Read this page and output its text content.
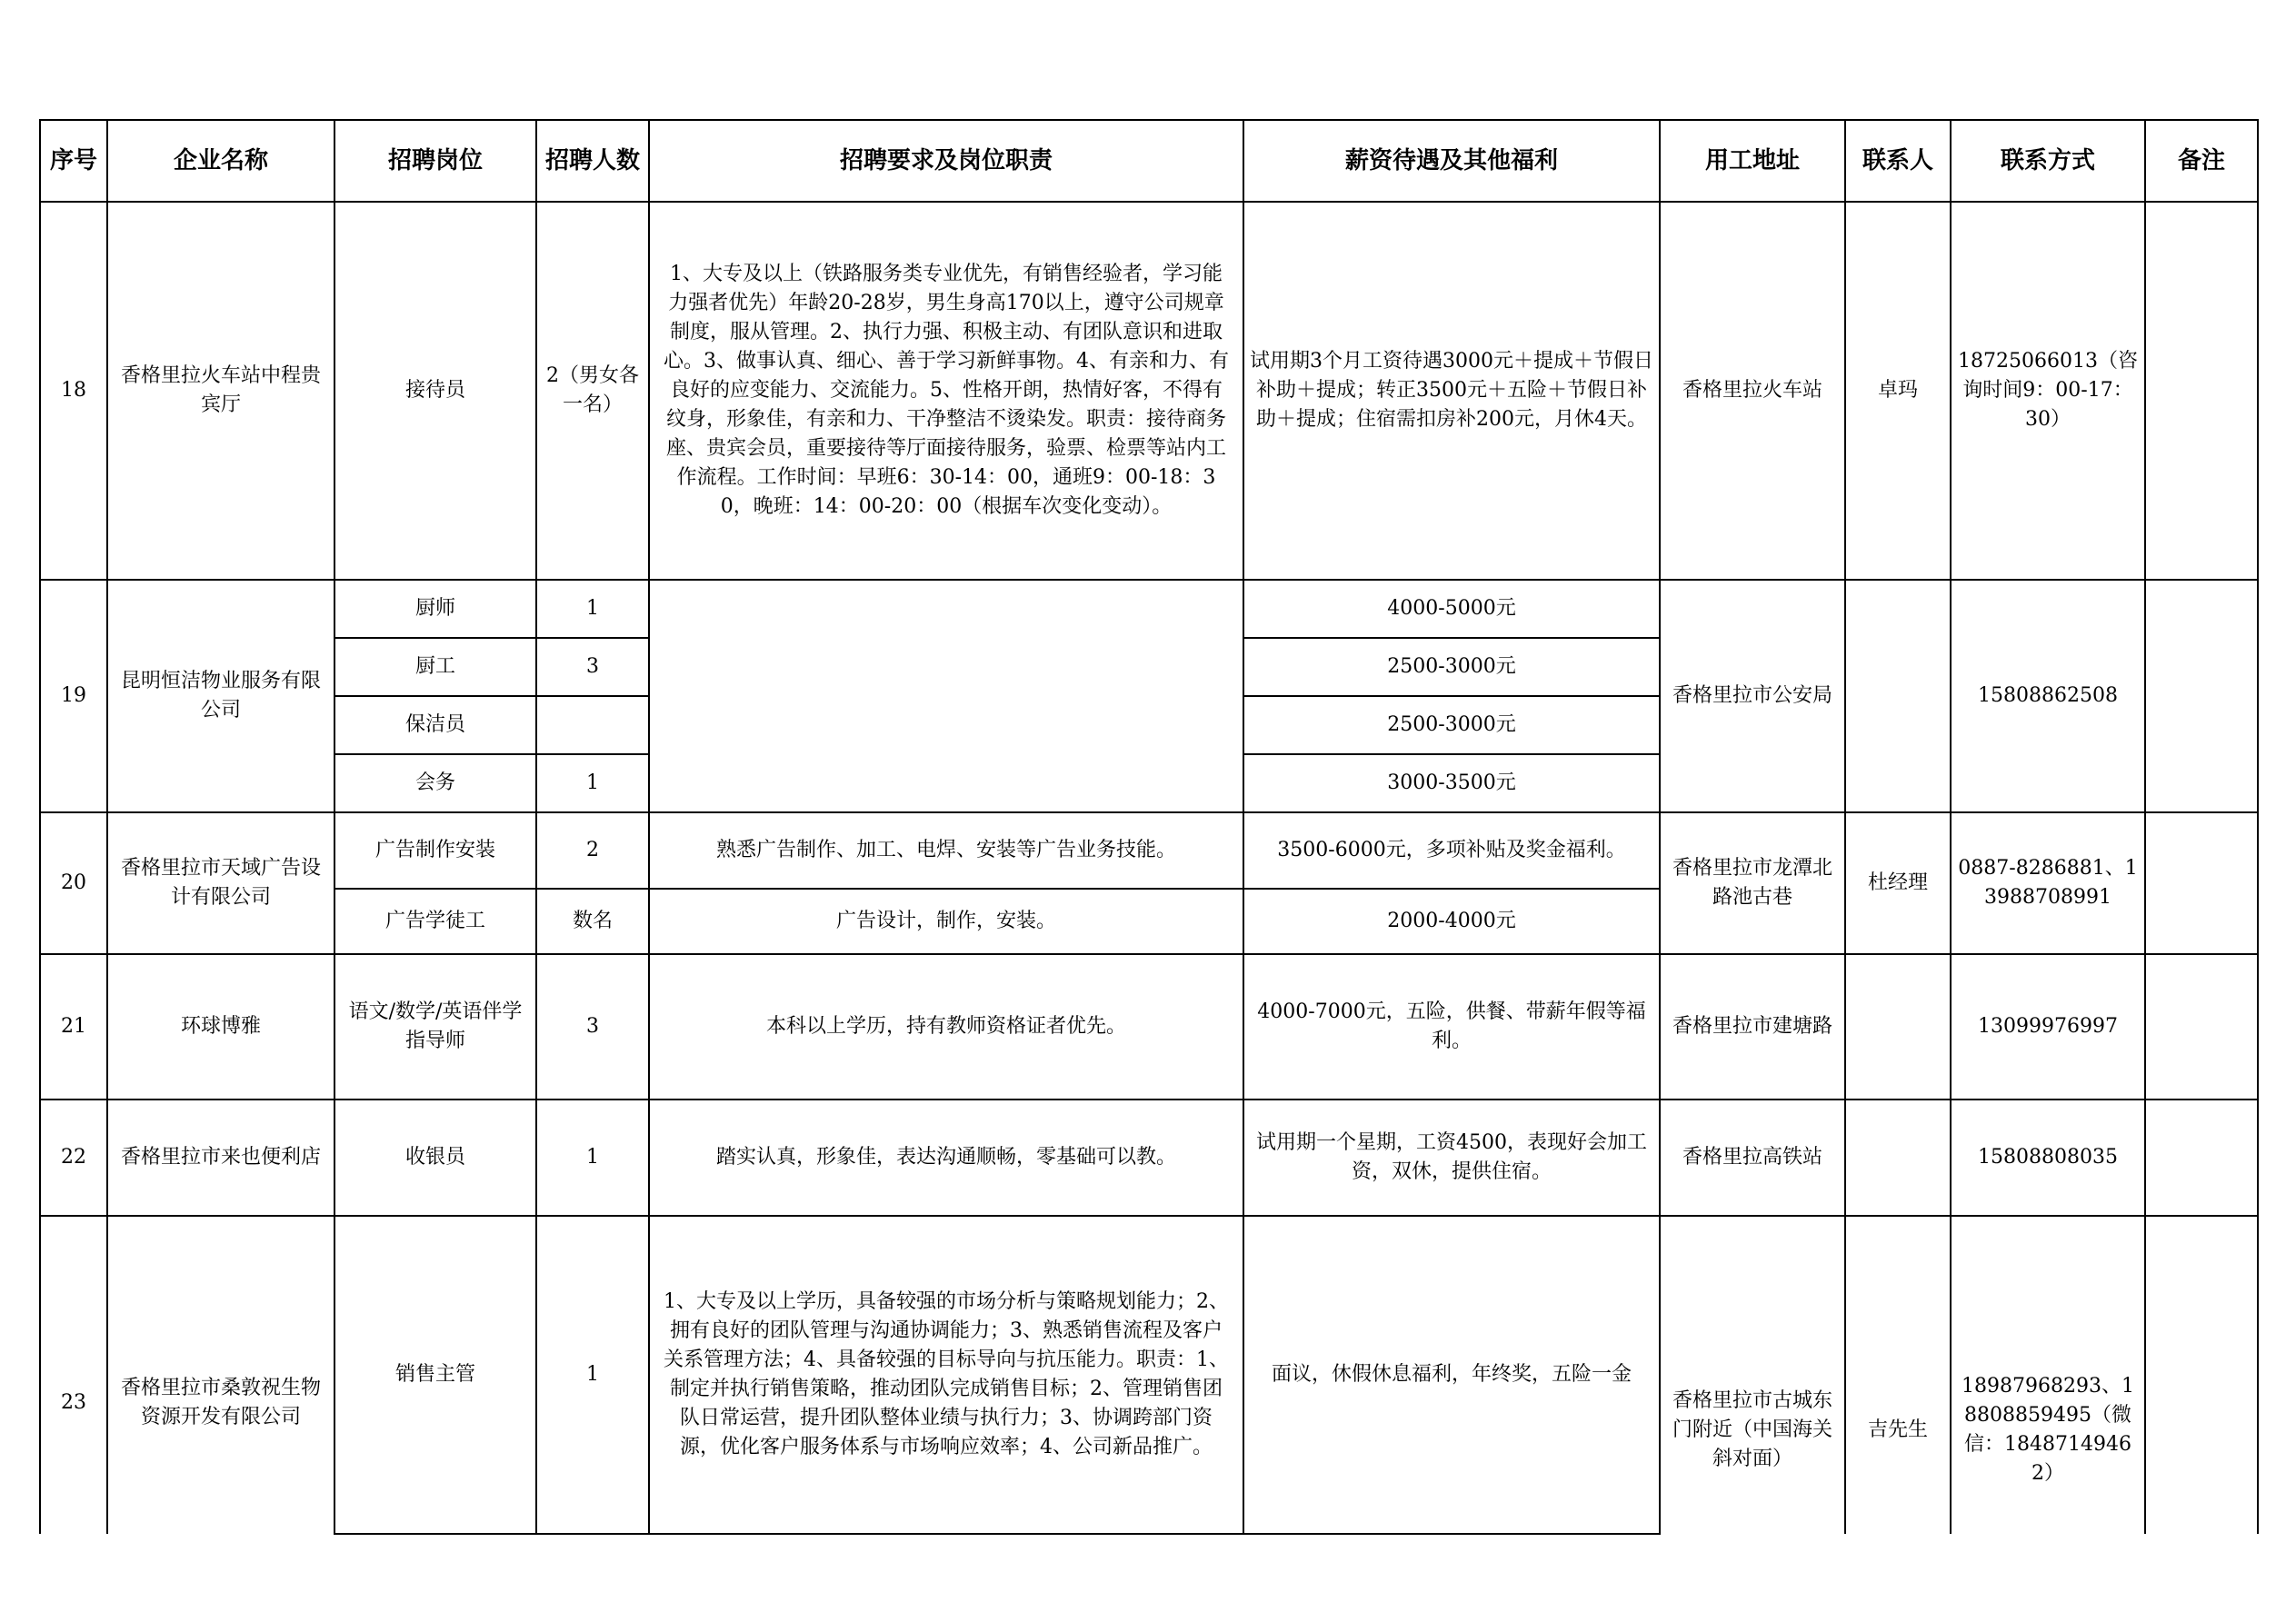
序号	企业名称	招聘岗位	招聘人数	招聘要求及岗位职责	薪资待遇及其他福利	用工地址	联系人	联系方式	备注
18	香格里拉火车站中程贵宾厅	接待员	2（男女各一名）	1、大专及以上（铁路服务类专业优先，有销售经验者，学习能力强者优先）年龄20-28岁，男生身高170以上，遵守公司规章制度，服从管理。2、执行力强、积极主动、有团队意识和进取心。3、做事认真、细心、善于学习新鲜事物。4、有亲和力、有良好的应变能力、交流能力。5、性格开朗，热情好客，不得有纹身，形象佳，有亲和力、干净整洁不烫染发。职责：接待商务座、贵宾会员，重要接待等厅面接待服务，验票、检票等站内工作流程。工作时间：早班6：30-14：00，通班9：00-18：30，晚班：14：00-20：00（根据车次变化变动）。	试用期3个月工资待遇3000元＋提成＋节假日补助＋提成；转正3500元＋五险＋节假日补助＋提成；住宿需扣房补200元，月休4天。	香格里拉火车站	卓玛	18725066013（咨询时间9：00-17：30）	
19	昆明恒洁物业服务有限公司	厨师	1		4000-5000元	香格里拉市公安局		15808862508	
		厨工	3		2500-3000元				
		保洁员			2500-3000元				
		会务	1		3000-3500元				
20	香格里拉市天域广告设计有限公司	广告制作安装	2	熟悉广告制作、加工、电焊、安装等广告业务技能。	3500-6000元，多项补贴及奖金福利。	香格里拉市龙潭北路池古巷	杜经理	0887-8286881、13988708991	
		广告学徒工	数名	广告设计，制作，安装。	2000-4000元				
21	环球博雅	语文/数学/英语伴学指导师	3	本科以上学历，持有教师资格证者优先。	4000-7000元，五险，供餐、带薪年假等福利。	香格里拉市建塘路		13099976997	
22	香格里拉市来也便利店	收银员	1	踏实认真，形象佳，表达沟通顺畅，零基础可以教。	试用期一个星期，工资4500，表现好会加工资，双休，提供住宿。	香格里拉高铁站		15808808035	
23	香格里拉市桑敦祝生物资源开发有限公司	销售主管	1	1、大专及以上学历，具备较强的市场分析与策略规划能力；2、拥有良好的团队管理与沟通协调能力；3、熟悉销售流程及客户关系管理方法；4、具备较强的目标导向与抗压能力。职责：1、制定并执行销售策略，推动团队完成销售目标；2、管理销售团队日常运营，提升团队整体业绩与执行力；3、协调跨部门资源，优化客户服务体系与市场响应效率；4、公司新品推广。	面议，休假休息福利，年终奖，五险一金	香格里拉市古城东门附近（中国海关斜对面）	吉先生	18987968293、18808859495（微信：18487149462）	
